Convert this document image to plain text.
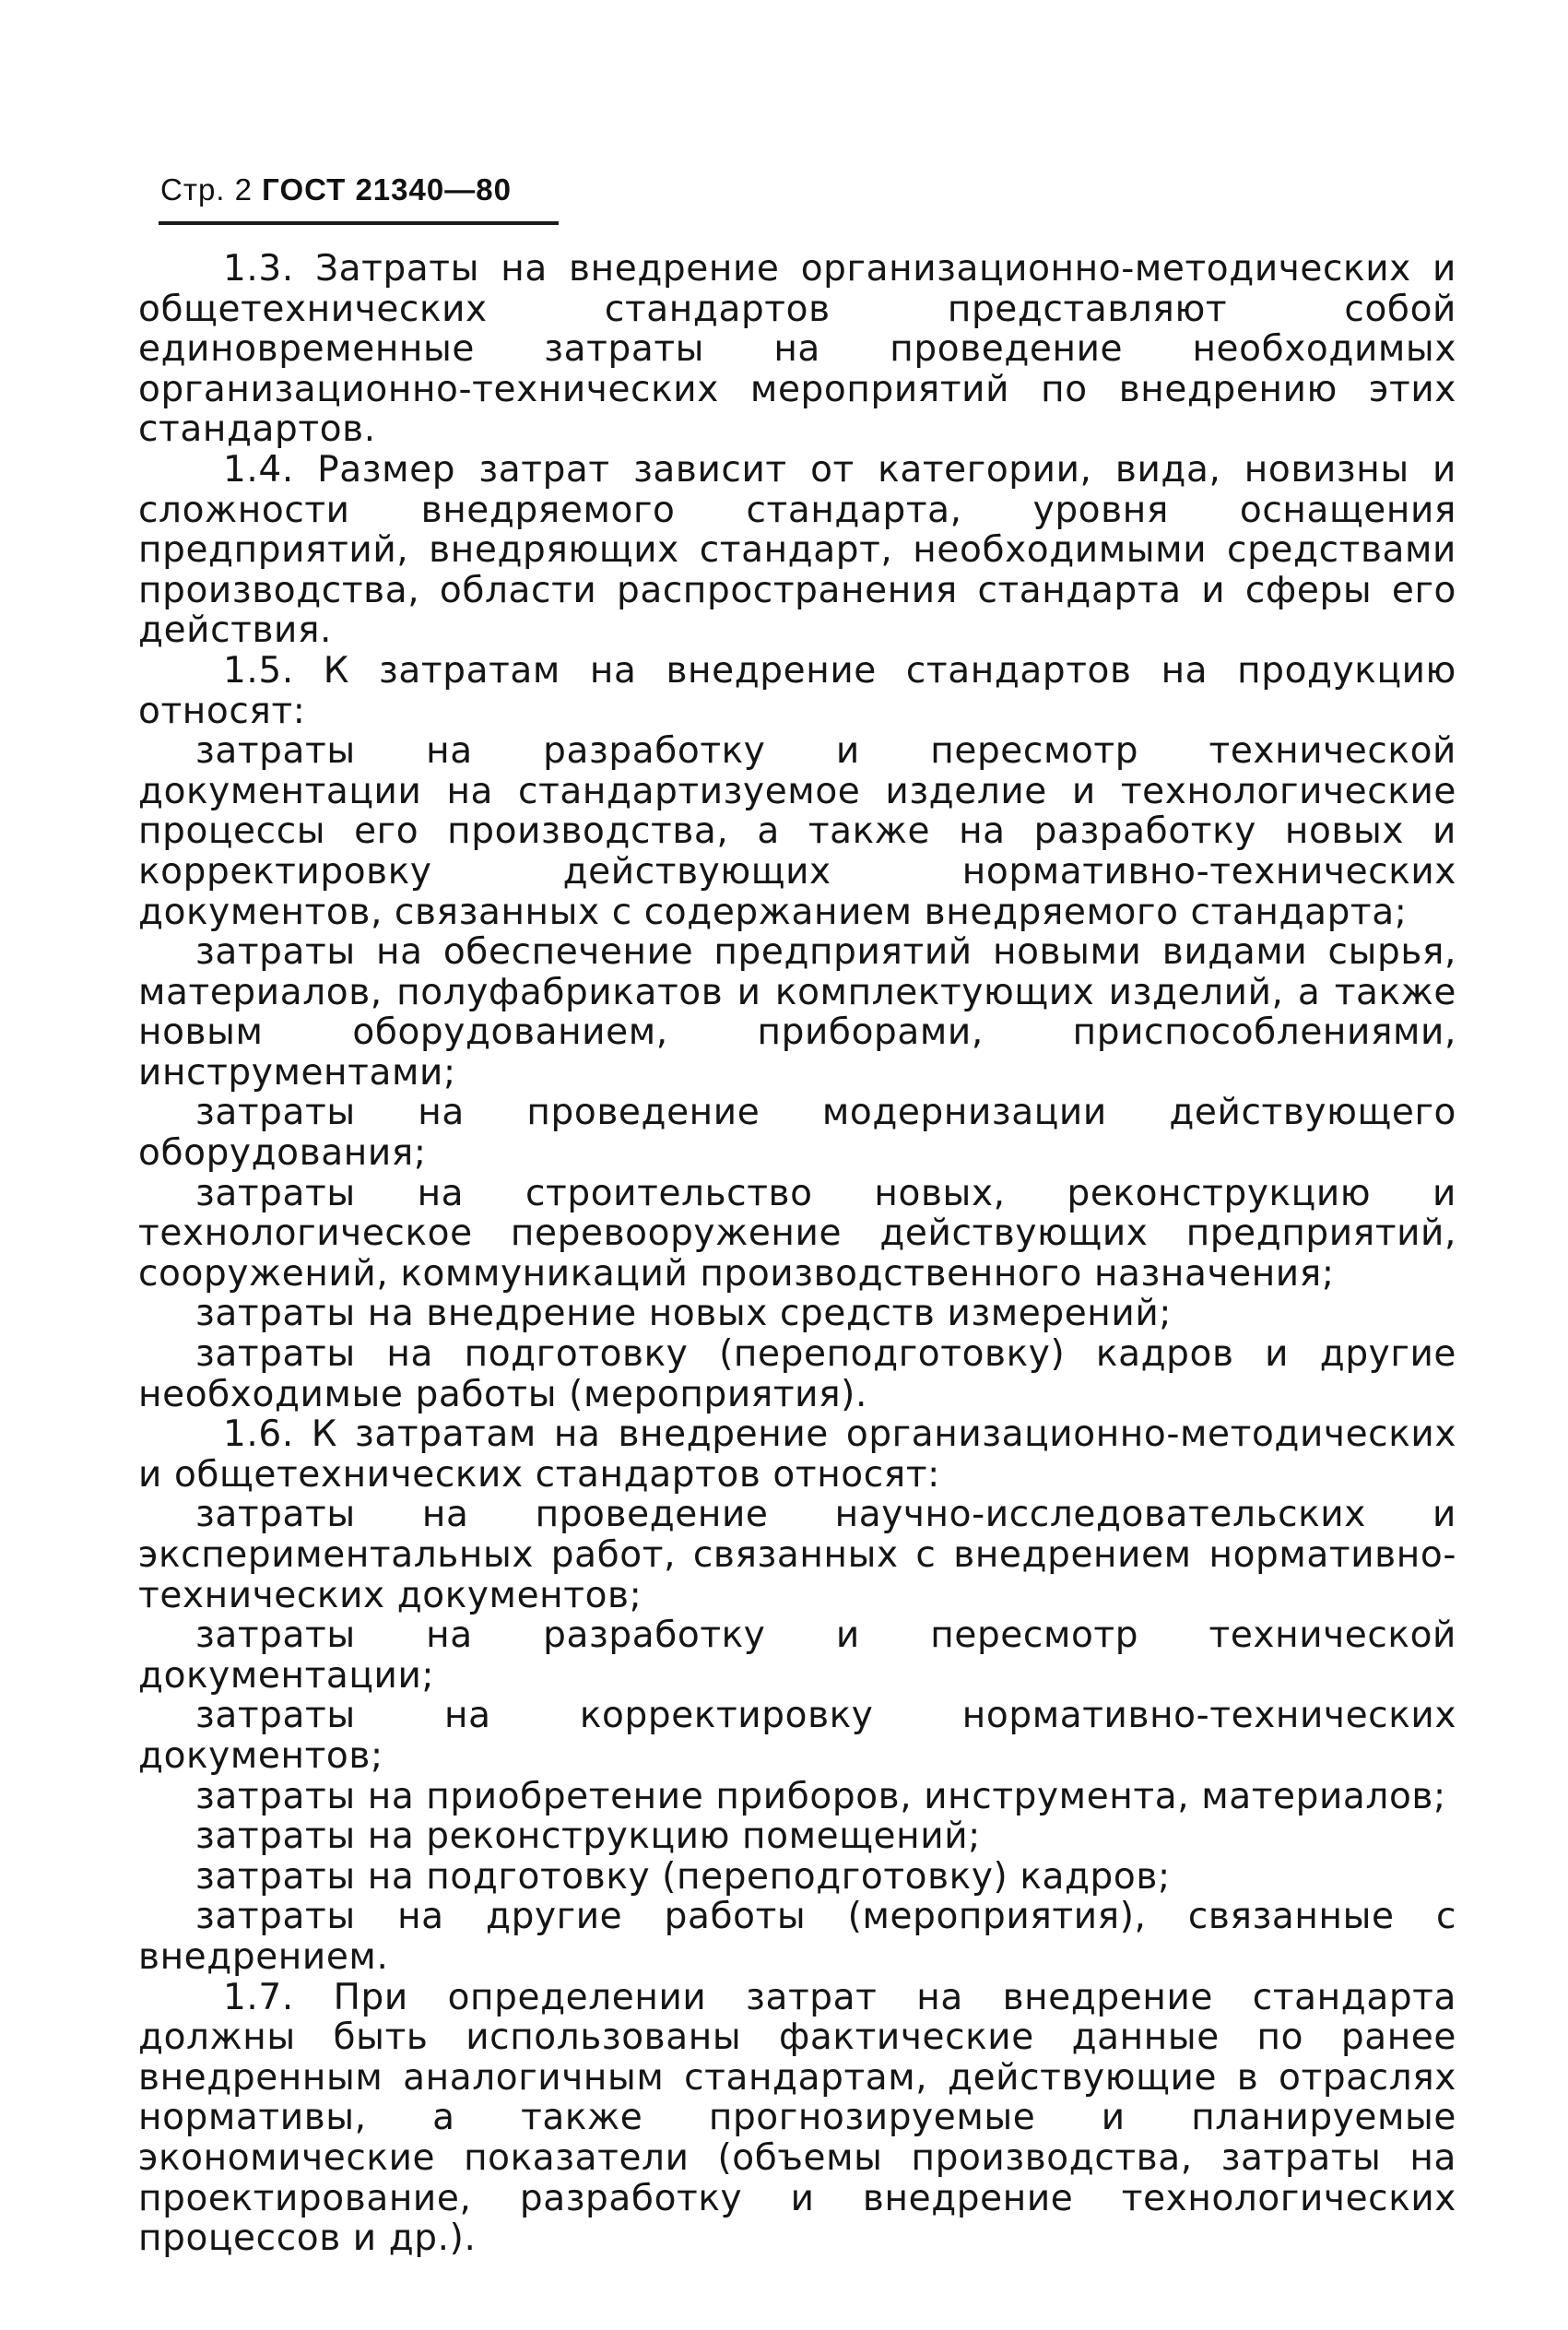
Стр. 2 ГОСТ 21340—80

1.3. Затраты на внедрение организационно-методических и общетехнических стандартов представляют собой единовременные затраты на проведение необходимых организационно-технических мероприятий по внедрению этих стандартов.

1.4. Размер затрат зависит от категории, вида, новизны и сложности внедряемого стандарта, уровня оснащения предприятий, внедряющих стандарт, необходимыми средствами производства, области распространения стандарта и сферы его действия.

1.5. К затратам на внедрение стандартов на продукцию относят:

затраты на разработку и пересмотр технической документации на стандартизуемое изделие и технологические процессы его производства, а также на разработку новых и корректировку действующих нормативно-технических документов, связанных с содержанием внедряемого стандарта;

затраты на обеспечение предприятий новыми видами сырья, материалов, полуфабрикатов и комплектующих изделий, а также новым оборудованием, приборами, приспособлениями, инструментами;

затраты на проведение модернизации действующего оборудования;

затраты на строительство новых, реконструкцию и технологическое перевооружение действующих предприятий, сооружений, коммуникаций производственного назначения;

затраты на внедрение новых средств измерений;

затраты на подготовку (переподготовку) кадров и другие необходимые работы (мероприятия).

1.6. К затратам на внедрение организационно-методических и общетехнических стандартов относят:

затраты на проведение научно-исследовательских и экспериментальных работ, связанных с внедрением нормативно-технических документов;

затраты на разработку и пересмотр технической документации;

затраты на корректировку нормативно-технических документов;

затраты на приобретение приборов, инструмента, материалов;

затраты на реконструкцию помещений;

затраты на подготовку (переподготовку) кадров;

затраты на другие работы (мероприятия), связанные с внедрением.

1.7. При определении затрат на внедрение стандарта должны быть использованы фактические данные по ранее внедренным аналогичным стандартам, действующие в отраслях нормативы, а также прогнозируемые и планируемые экономические показатели (объемы производства, затраты на проектирование, разработку и внедрение технологических процессов и др.).
